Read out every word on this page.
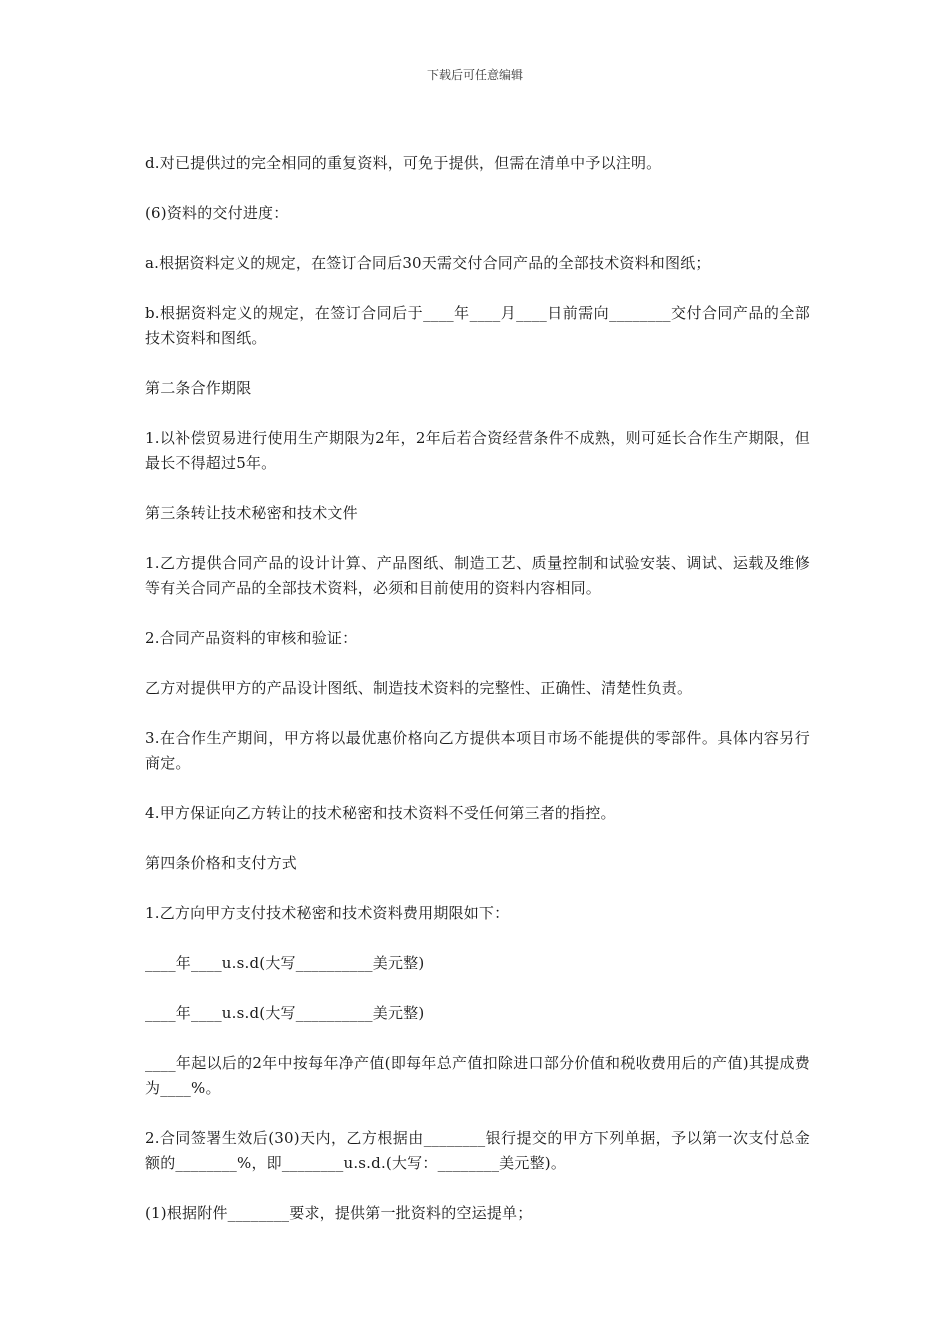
下载后可任意编辑

d.对已提供过的完全相同的重复资料，可免于提供，但需在清单中予以注明。

(6)资料的交付进度：

a.根据资料定义的规定，在签订合同后30天需交付合同产品的全部技术资料和图纸；

b.根据资料定义的规定，在签订合同后于____年____月____日前需向________交付合同产品的全部技术资料和图纸。

第二条合作期限

1.以补偿贸易进行使用生产期限为2年，2年后若合资经营条件不成熟，则可延长合作生产期限，但最长不得超过5年。

第三条转让技术秘密和技术文件

1.乙方提供合同产品的设计计算、产品图纸、制造工艺、质量控制和试验安装、调试、运载及维修等有关合同产品的全部技术资料，必须和目前使用的资料内容相同。

2.合同产品资料的审核和验证：

乙方对提供甲方的产品设计图纸、制造技术资料的完整性、正确性、清楚性负责。

3.在合作生产期间，甲方将以最优惠价格向乙方提供本项目市场不能提供的零部件。具体内容另行商定。

4.甲方保证向乙方转让的技术秘密和技术资料不受任何第三者的指控。

第四条价格和支付方式

1.乙方向甲方支付技术秘密和技术资料费用期限如下：

____年____u.s.d(大写__________美元整)

____年____u.s.d(大写__________美元整)

____年起以后的2年中按每年净产值(即每年总产值扣除进口部分价值和税收费用后的产值)其提成费为____%。

2.合同签署生效后(30)天内，乙方根据由________银行提交的甲方下列单据，予以第一次支付总金额的________%，即________u.s.d.(大写：________美元整)。

(1)根据附件________要求，提供第一批资料的空运提单；
